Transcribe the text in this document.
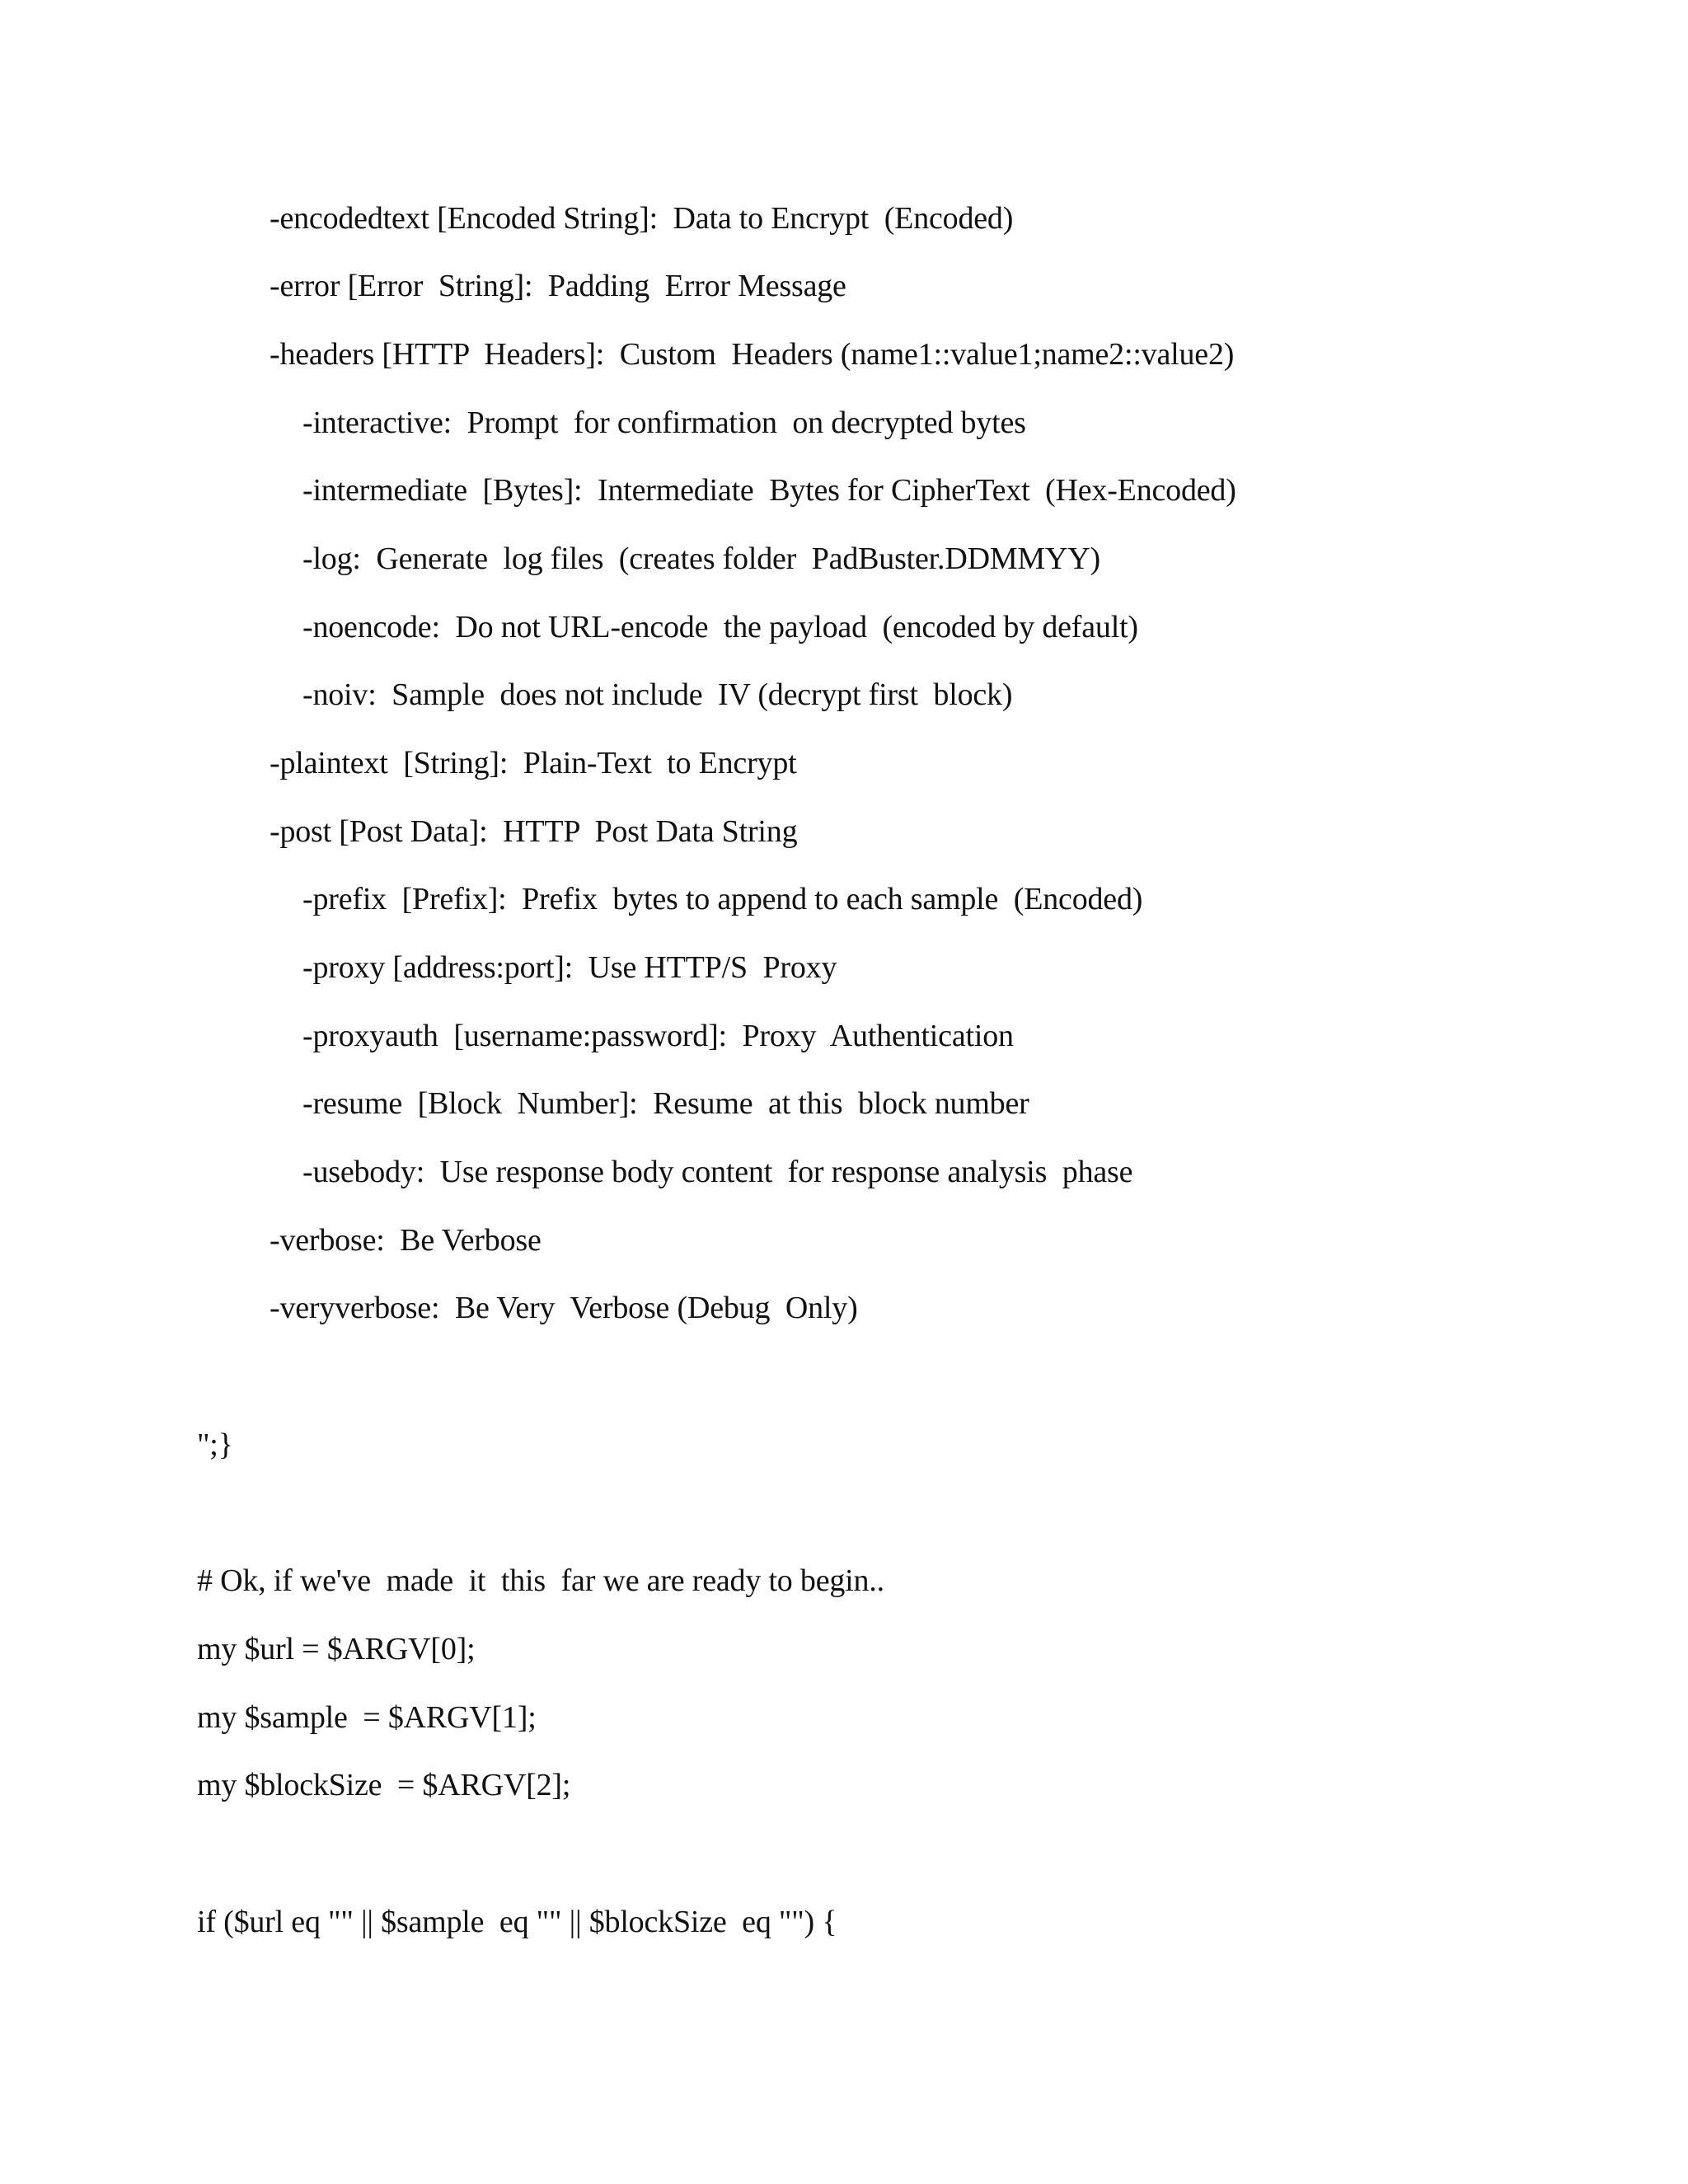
-encodedtext [Encoded String]:  Data to Encrypt  (Encoded)
-error [Error  String]:  Padding  Error Message
-headers [HTTP  Headers]:  Custom  Headers (name1::value1;name2::value2)
-interactive:  Prompt  for confirmation  on decrypted bytes
-intermediate  [Bytes]:  Intermediate  Bytes for CipherText  (Hex-Encoded)
-log:  Generate  log files  (creates folder  PadBuster.DDMMYY)
-noencode:  Do not URL-encode  the payload  (encoded by default)
-noiv:  Sample  does not include  IV (decrypt first  block)
-plaintext  [String]:  Plain-Text  to Encrypt
-post [Post Data]:  HTTP  Post Data String
-prefix  [Prefix]:  Prefix  bytes to append to each sample  (Encoded)
-proxy [address:port]:  Use HTTP/S  Proxy
-proxyauth  [username:password]:  Proxy  Authentication
-resume  [Block  Number]:  Resume  at this  block number
-usebody:  Use response body content  for response analysis  phase
-verbose:  Be Verbose
-veryverbose:  Be Very  Verbose (Debug  Only)
";}
# Ok, if we've  made  it  this  far we are ready to begin..
my $url = $ARGV[0];
my $sample  = $ARGV[1];
my $blockSize  = $ARGV[2];
if ($url eq "" || $sample  eq "" || $blockSize  eq "") {
